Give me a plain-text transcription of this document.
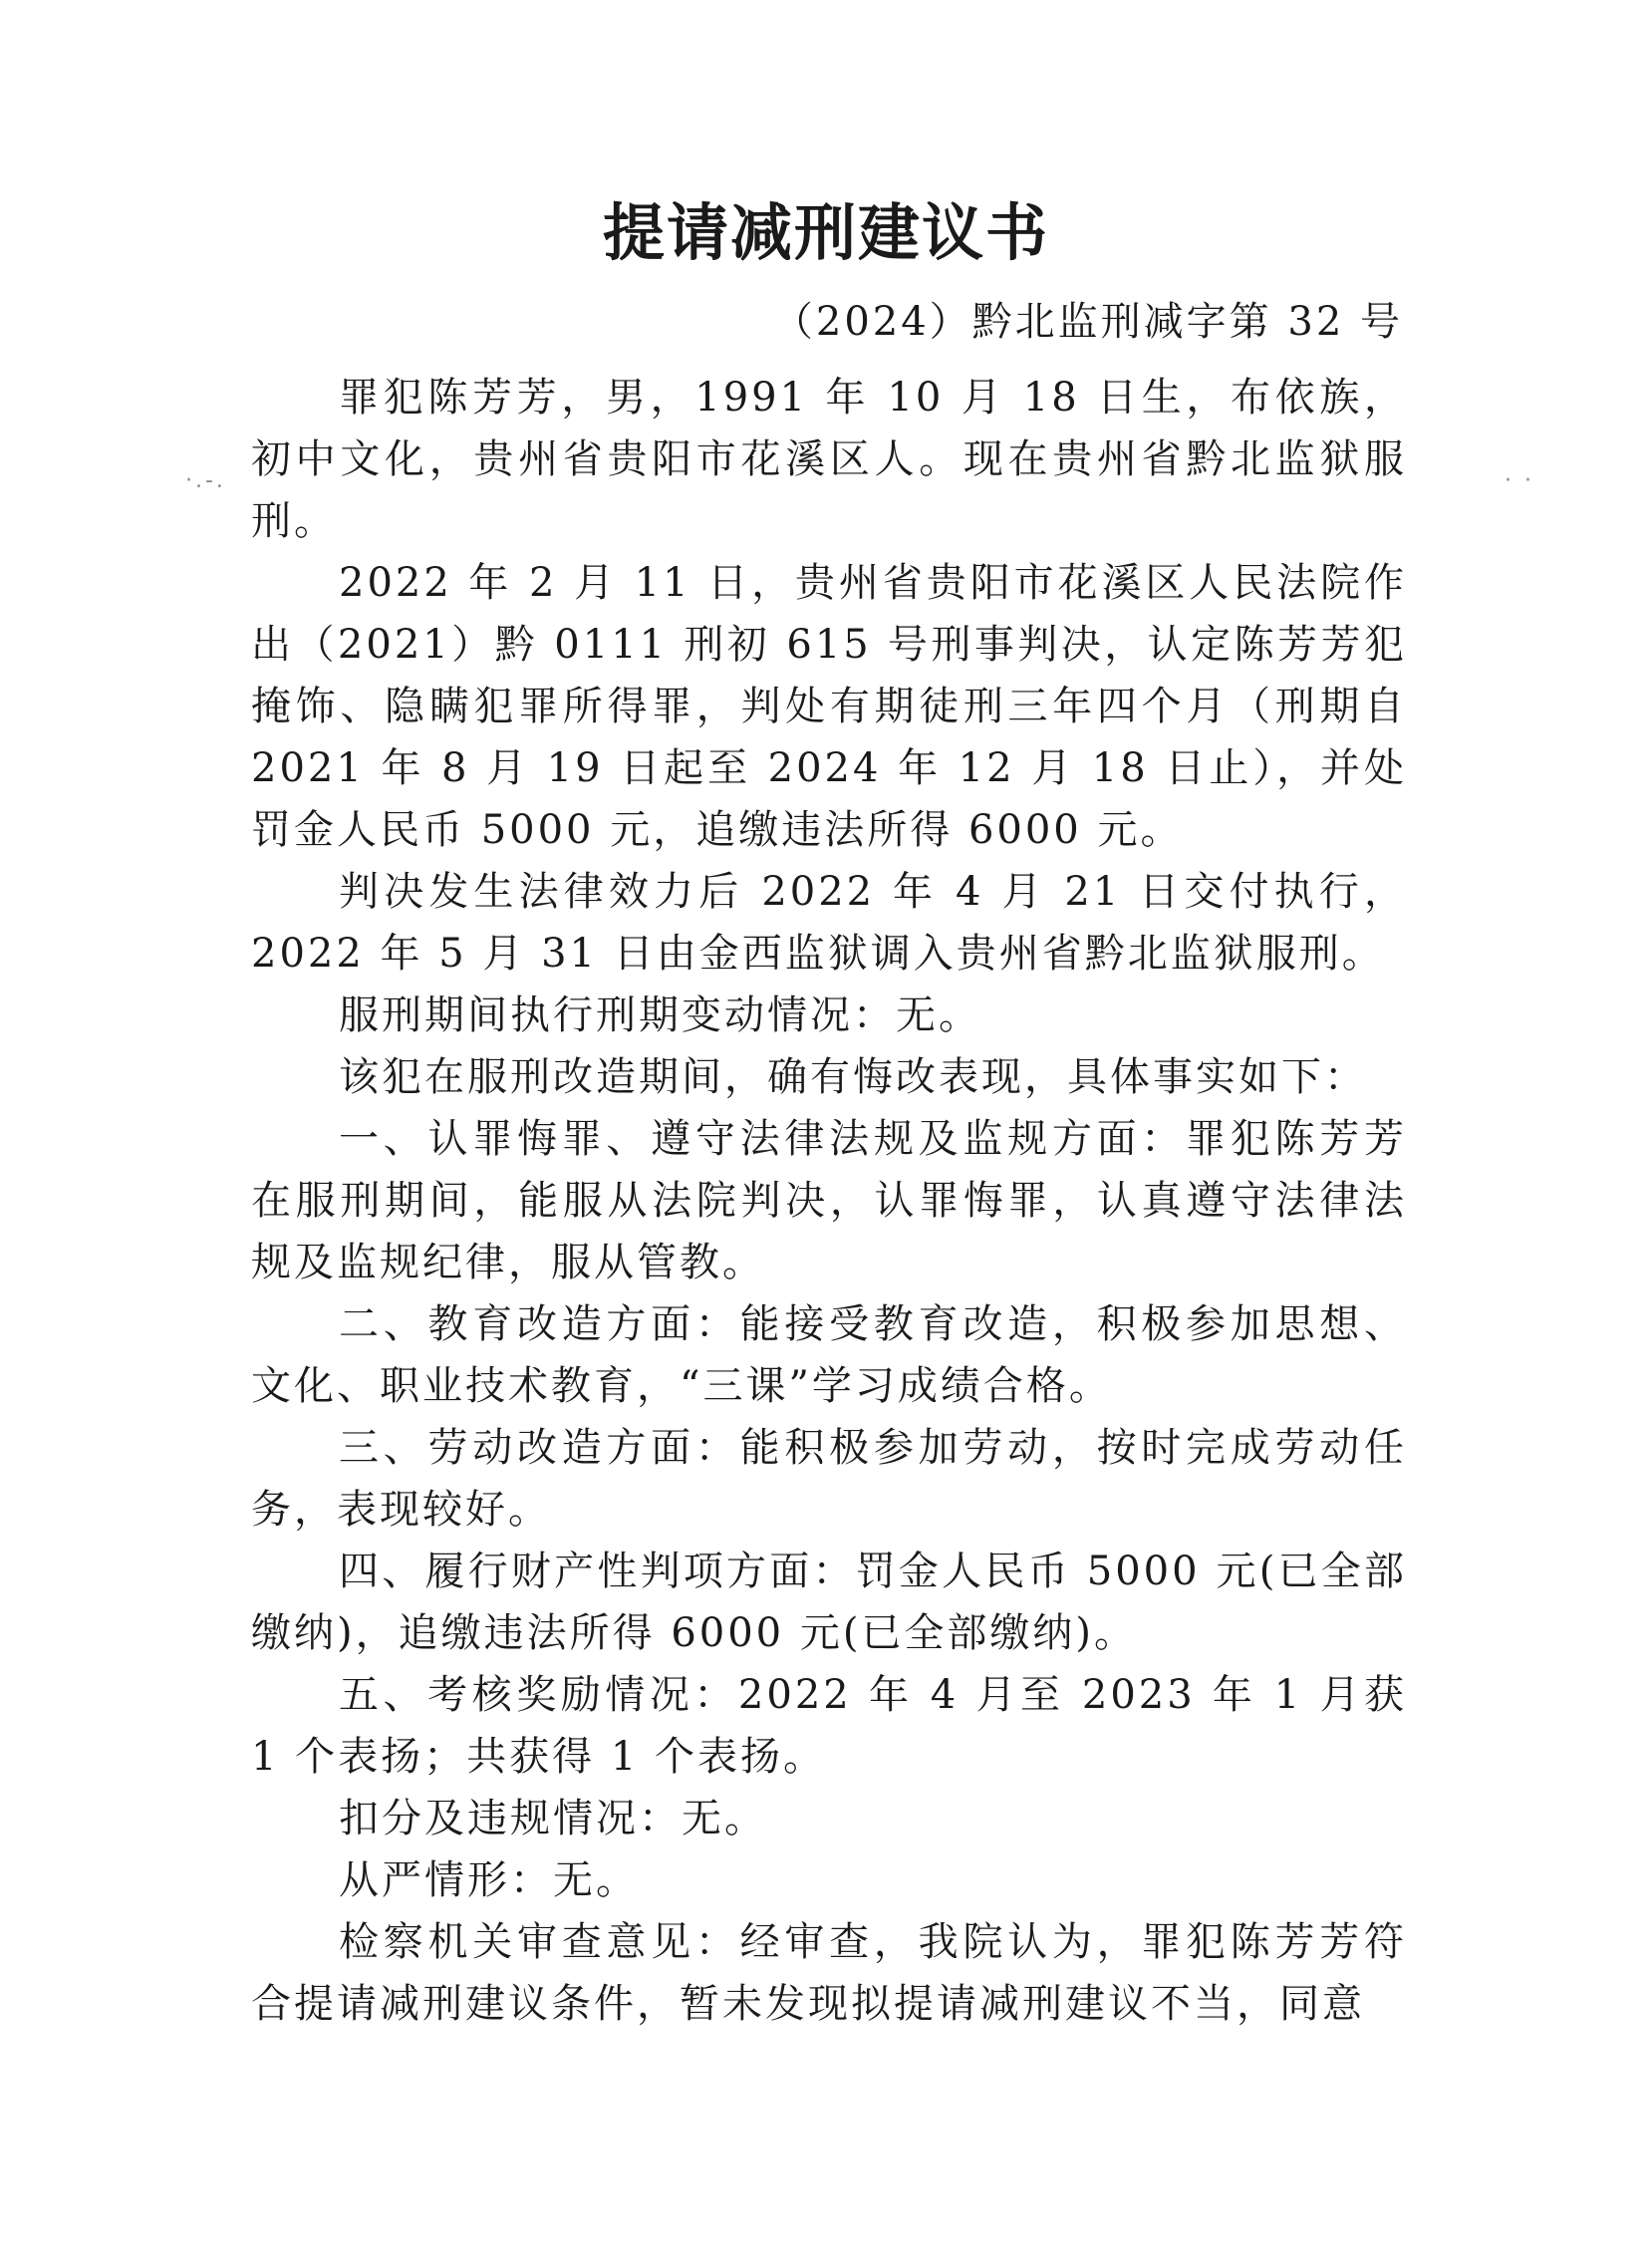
提请减刑建议书

（2024）黔北监刑减字第 32 号

·.-.	· ·

罪犯陈芳芳，男，1991 年 10 月 18 日生，布依族，初中文化，贵州省贵阳市花溪区人。现在贵州省黔北监狱服刑。

2022 年 2 月 11 日，贵州省贵阳市花溪区人民法院作出（2021）黔 0111 刑初 615 号刑事判决，认定陈芳芳犯掩饰、隐瞒犯罪所得罪，判处有期徒刑三年四个月（刑期自 2021 年 8 月 19 日起至 2024 年 12 月 18 日止），并处罚金人民币 5000 元，追缴违法所得 6000 元。

判决发生法律效力后 2022 年 4 月 21 日交付执行，2022 年 5 月 31 日由金西监狱调入贵州省黔北监狱服刑。

服刑期间执行刑期变动情况：无。

该犯在服刑改造期间，确有悔改表现，具体事实如下：

一、认罪悔罪、遵守法律法规及监规方面：罪犯陈芳芳在服刑期间，能服从法院判决，认罪悔罪，认真遵守法律法规及监规纪律，服从管教。

二、教育改造方面：能接受教育改造，积极参加思想、文化、职业技术教育，“三课”学习成绩合格。

三、劳动改造方面：能积极参加劳动，按时完成劳动任务，表现较好。

四、履行财产性判项方面：罚金人民币 5000 元(已全部缴纳)，追缴违法所得 6000 元(已全部缴纳)。

五、考核奖励情况：2022 年 4 月至 2023 年 1 月获 1 个表扬；共获得 1 个表扬。

扣分及违规情况：无。

从严情形：无。

检察机关审查意见：经审查，我院认为，罪犯陈芳芳符合提请减刑建议条件，暂未发现拟提请减刑建议不当，同意
